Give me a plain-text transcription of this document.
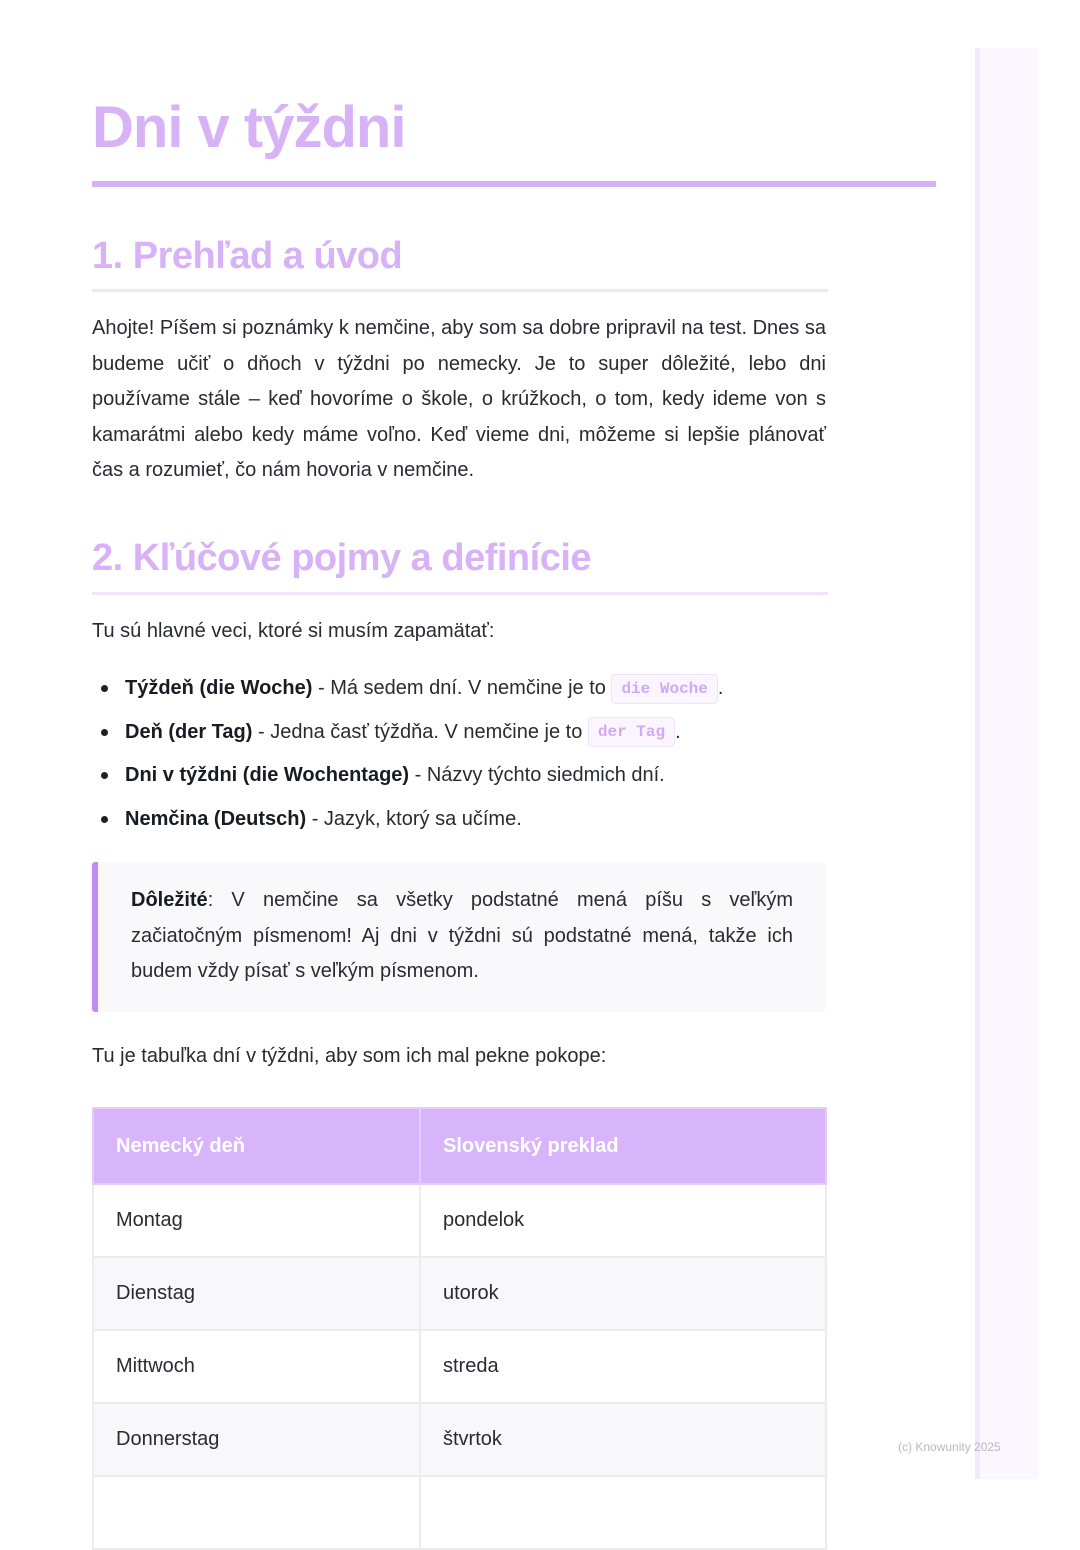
(c) Knowunity 2025
Dni v týždni
1. Prehľad a úvod

Ahojte! Píšem si poznámky k nemčine, aby som sa dobre pripravil na test. Dnes sa budeme učiť o dňoch v týždni po nemecky. Je to super dôležité, lebo dni používame stále – keď hovoríme o škole, o krúžkoch, o tom, kedy ideme von s kamarátmi alebo kedy máme voľno. Keď vieme dni, môžeme si lepšie plánovať čas a rozumieť, čo nám hovoria v nemčine.

2. Kľúčové pojmy a definície

Tu sú hlavné veci, ktoré si musím zapamätať:

Týždeň (die Woche) - Má sedem dní. V nemčine je to die Woche .
Deň (der Tag) - Jedna časť týždňa. V nemčine je to der Tag .
Dni v týždni (die Wochentage) - Názvy týchto siedmich dní.
Nemčina (Deutsch) - Jazyk, ktorý sa učíme.

Dôležité: V nemčine sa všetky podstatné mená píšu s veľkým začiatočným písmenom! Aj dni v týždni sú podstatné mená, takže ich budem vždy písať s veľkým písmenom.

Tu je tabuľka dní v týždni, aby som ich mal pekne pokope:

Nemecký deň	Slovenský preklad
Montag	pondelok
Dienstag	utorok
Mittwoch	streda
Donnerstag	štvrtok
